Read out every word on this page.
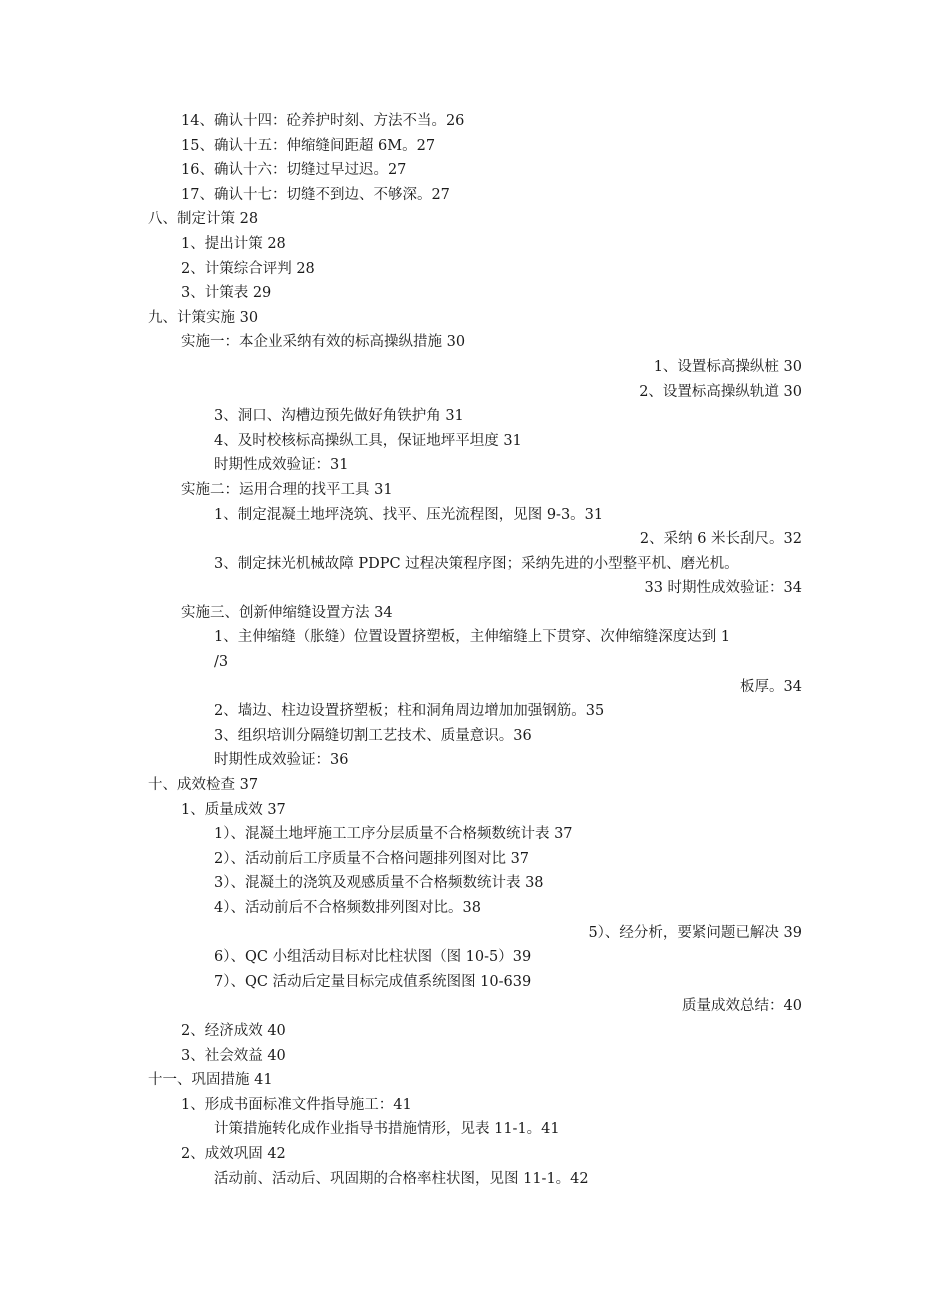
14、确认十四：砼养护时刻、方法不当。26
15、确认十五：伸缩缝间距超 6M。27
16、确认十六：切缝过早过迟。27
17、确认十七：切缝不到边、不够深。27
八、制定计策 28
1、提出计策 28
2、计策综合评判 28
3、计策表 29
九、计策实施 30
实施一：本企业采纳有效的标高操纵措施 30
1、设置标高操纵桩 30
2、设置标高操纵轨道 30
3、洞口、沟槽边预先做好角铁护角 31
4、及时校核标高操纵工具，保证地坪平坦度 31
时期性成效验证：31
实施二：运用合理的找平工具 31
1、制定混凝土地坪浇筑、找平、压光流程图，见图 9-3。31
2、采纳 6 米长刮尺。32
3、制定抹光机械故障 PDPC 过程决策程序图；采纳先进的小型整平机、磨光机。
33 时期性成效验证：34
实施三、创新伸缩缝设置方法 34
1、主伸缩缝（胀缝）位置设置挤塑板，主伸缩缝上下贯穿、次伸缩缝深度达到 1
/3
板厚。34
2、墙边、柱边设置挤塑板；柱和洞角周边增加加强钢筋。35
3、组织培训分隔缝切割工艺技术、质量意识。36
时期性成效验证：36
十、成效检查 37
1、质量成效 37
1）、混凝土地坪施工工序分层质量不合格频数统计表 37
2）、活动前后工序质量不合格问题排列图对比 37
3）、混凝土的浇筑及观感质量不合格频数统计表 38
4）、活动前后不合格频数排列图对比。38
5）、经分析，要紧问题已解决 39
6）、QC 小组活动目标对比柱状图（图 10-5）39
7）、QC 活动后定量目标完成值系统图图 10-639
质量成效总结：40
2、经济成效 40
3、社会效益 40
十一、巩固措施 41
1、形成书面标准文件指导施工：41
计策措施转化成作业指导书措施情形，见表 11-1。41
2、成效巩固 42
活动前、活动后、巩固期的合格率柱状图，见图 11-1。42
